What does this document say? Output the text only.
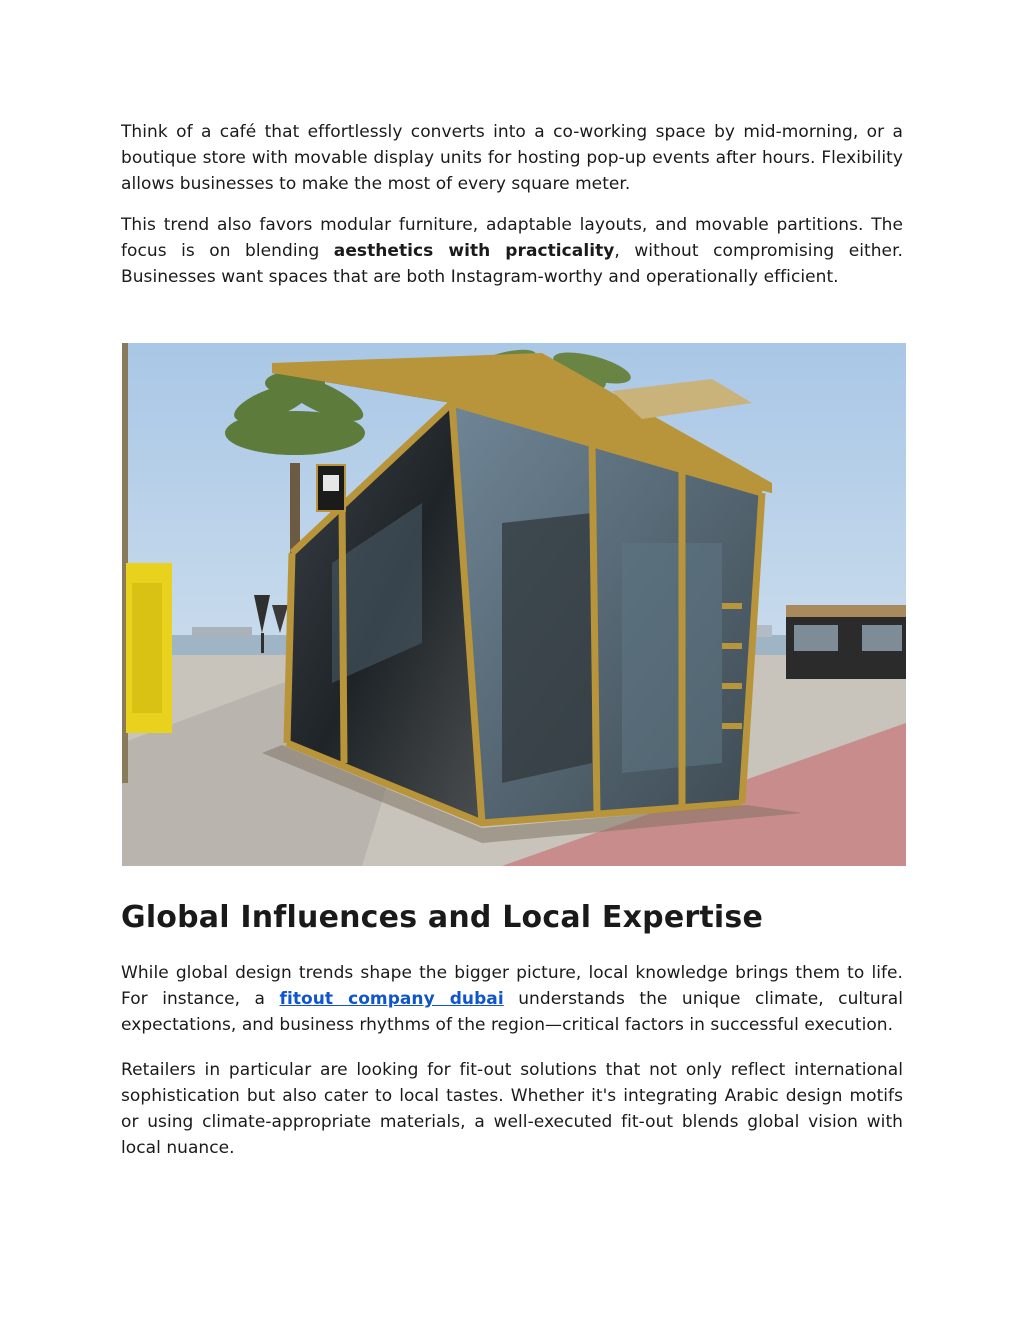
Think of a café that effortlessly converts into a co-working space by mid-morning, or a boutique store with movable display units for hosting pop-up events after hours. Flexibility allows businesses to make the most of every square meter.

This trend also favors modular furniture, adaptable layouts, and movable partitions. The focus is on blending aesthetics with practicality, without compromising either. Businesses want spaces that are both Instagram-worthy and operationally efficient.

Global Influences and Local Expertise

While global design trends shape the bigger picture, local knowledge brings them to life. For instance, a fitout company dubai understands the unique climate, cultural expectations, and business rhythms of the region—critical factors in successful execution.

Retailers in particular are looking for fit-out solutions that not only reflect international sophistication but also cater to local tastes. Whether it's integrating Arabic design motifs or using climate-appropriate materials, a well-executed fit-out blends global vision with local nuance.
